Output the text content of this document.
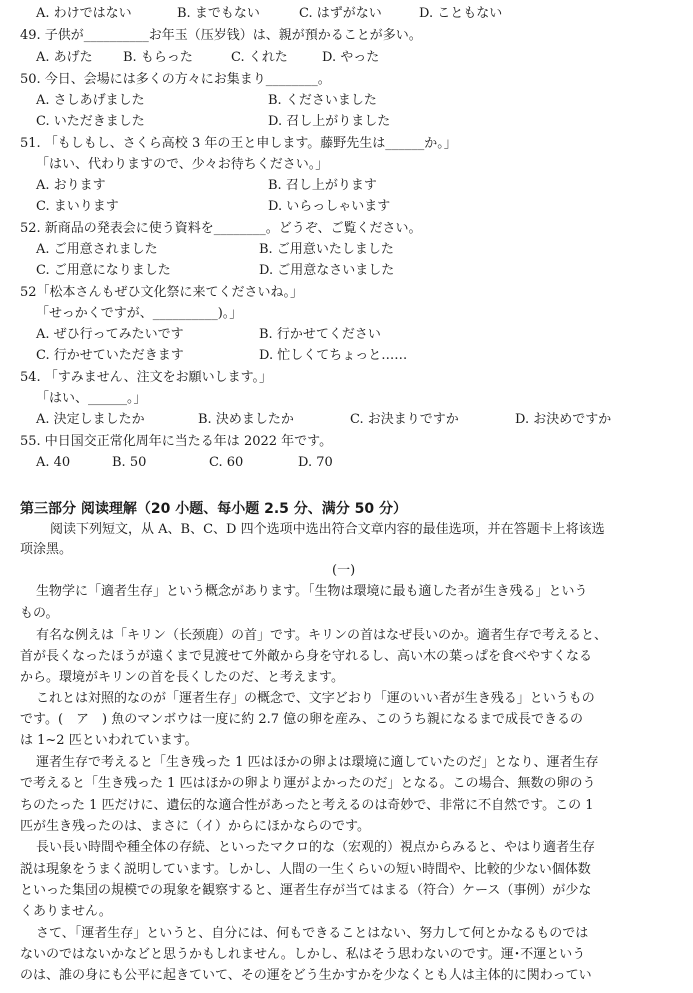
A. わけではない	B. までもない	C. はずがない	D. こともない
49. 子供が__________お年玉（压岁钱）は、親が預かることが多い。
A. あげた B. もらった	C. くれた	D. やった
50. 今日、会場には多くの方々にお集まり________。
A. さしあげました	B. くださいました
C. いただきました	D. 召し上がりました
51. 「もしもし、さくら高校 3 年の王と申します。藤野先生は______か。」
「はい、代わりますので、少々お待ちください。」
A. おります	B. 召し上がります
C. まいります	D. いらっしゃいます
52. 新商品の発表会に使う資料を________。どうぞ、ご覧ください。
A. ご用意されました	B. ご用意いたしました
C. ご用意になりました	D. ご用意なさいました
52「松本さんもぜひ文化祭に来てくださいね。」
「せっかくですが、__________)。」
A. ぜひ行ってみたいです	B. 行かせてください
C. 行かせていただきます	D. 忙しくてちょっと……
54. 「すみません、注文をお願いします。」
「はい、______。」
A. 決定しましたか	B. 決めましたか	C. お決まりですか	D. お決めですか
55. 中日国交正常化周年に当たる年は 2022 年です。
A. 40	B. 50	C. 60	D. 70
第三部分 阅读理解（20 小题、每小题 2.5 分、满分 50 分）
阅读下列短文，从 A、B、C、D 四个选项中选出符合文章内容的最佳选项，并在答题卡上将该选
项涂黑。
(一)
生物学に「適者生存」という概念があります。「生物は環境に最も適した者が生き残る」という
もの。
有名な例えは「キリン（长颈鹿）の首」です。キリンの首はなぜ長いのか。適者生存で考えると、
首が長くなったほうが遠くまで見渡せて外敵から身を守れるし、高い木の葉っぱを食べやすくなる
から。環境がキリンの首を長くしたのだ、と考えます。
これとは対照的なのが「運者生存」の概念で、文字どおり「運のいい者が生き残る」というもの
です。(　ア　) 魚のマンボウは一度に約 2.7 億の卵を産み、このうち親になるまで成長できるの
は 1~2 匹といわれています。
運者生存で考えると「生き残った 1 匹はほかの卵よは環境に適していたのだ」となり、運者生存
で考えると「生き残った 1 匹はほかの卵より運がよかったのだ」となる。この場合、無数の卵のう
ちのたった 1 匹だけに、遺伝的な適合性があったと考えるのは奇妙で、非常に不自然です。この 1
匹が生き残ったのは、まさに（イ）からにほかならのです。
長い長い時間や種全体の存続、といったマクロ的な（宏观的）視点からみると、やはり適者生存
説は現象をうまく説明しています。しかし、人間の一生くらいの短い時間や、比較的少ない個体数
といった集団の規模での現象を観察すると、運者生存が当てはまる（符合）ケース（事例）が少な
くありません。
さて、「運者生存」というと、自分には、何もできることはない、努力して何とかなるものでは
ないのではないかなどと思うかもしれません。しかし、私はそう思わないのです。運･不運という
のは、誰の身にも公平に起きていて、その運をどう生かすかを少なくとも人は主体的に関わってい
